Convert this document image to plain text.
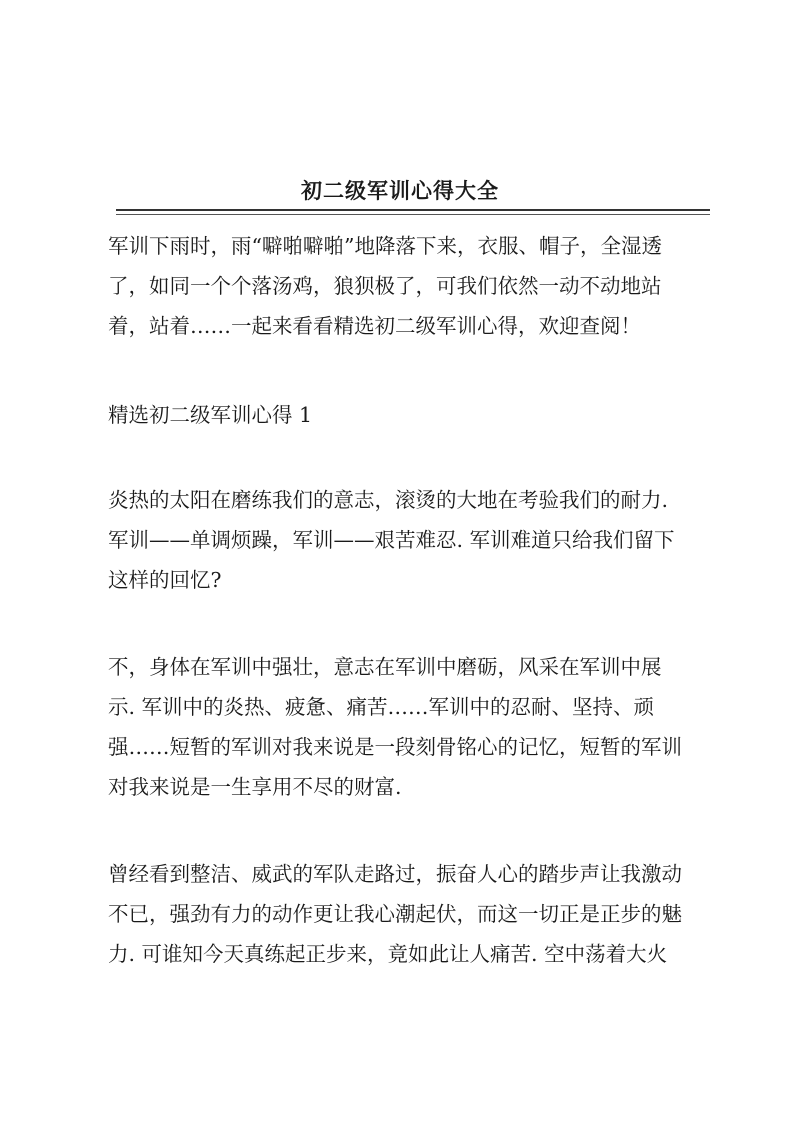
初二级军训心得大全

军训下雨时，雨“噼啪噼啪”地降落下来，衣服、帽子，全湿透
了，如同一个个落汤鸡，狼狈极了，可我们依然一动不动地站
着，站着……一起来看看精选初二级军训心得，欢迎查阅！

精选初二级军训心得 1

炎热的太阳在磨练我们的意志，滚烫的大地在考验我们的耐力.
军训——单调烦躁，军训——艰苦难忍. 军训难道只给我们留下
这样的回忆?

不，身体在军训中强壮，意志在军训中磨砺，风采在军训中展
示. 军训中的炎热、疲惫、痛苦……军训中的忍耐、坚持、顽
强……短暂的军训对我来说是一段刻骨铭心的记忆，短暂的军训
对我来说是一生享用不尽的财富.

曾经看到整洁、威武的军队走路过，振奋人心的踏步声让我激动
不已，强劲有力的动作更让我心潮起伏，而这一切正是正步的魅
力. 可谁知今天真练起正步来，竟如此让人痛苦. 空中荡着大火
